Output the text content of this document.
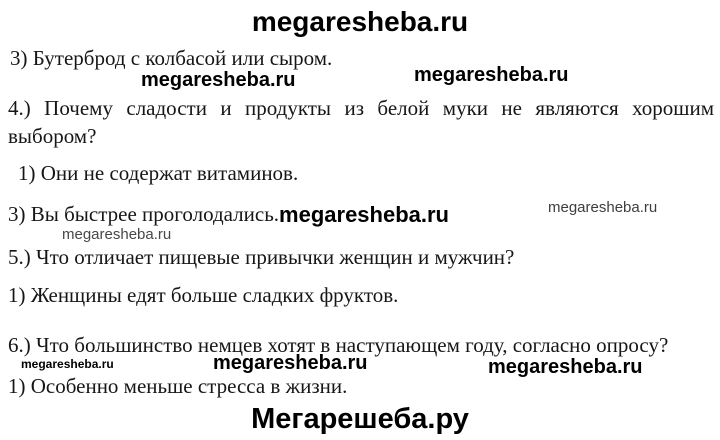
megaresheba.ru
3) Бутерброд с колбасой или сыром.
megaresheba.ru	megaresheba.ru
4.) Почему сладости и продукты из белой муки не являются хорошим
выбором?
1) Они не содержат витаминов.
3) Вы быстрее проголодались.megaresheba.ru	megaresheba.ru
megaresheba.ru
5.) Что отличает пищевые привычки женщин и мужчин?
1) Женщины едят больше сладких фруктов.
6.) Что большинство немцев хотят в наступающем году, согласно опросу?
megaresheba.ru	megaresheba.ru	megaresheba.ru
1) Особенно меньше стресса в жизни.
Мегарешеба.ру
